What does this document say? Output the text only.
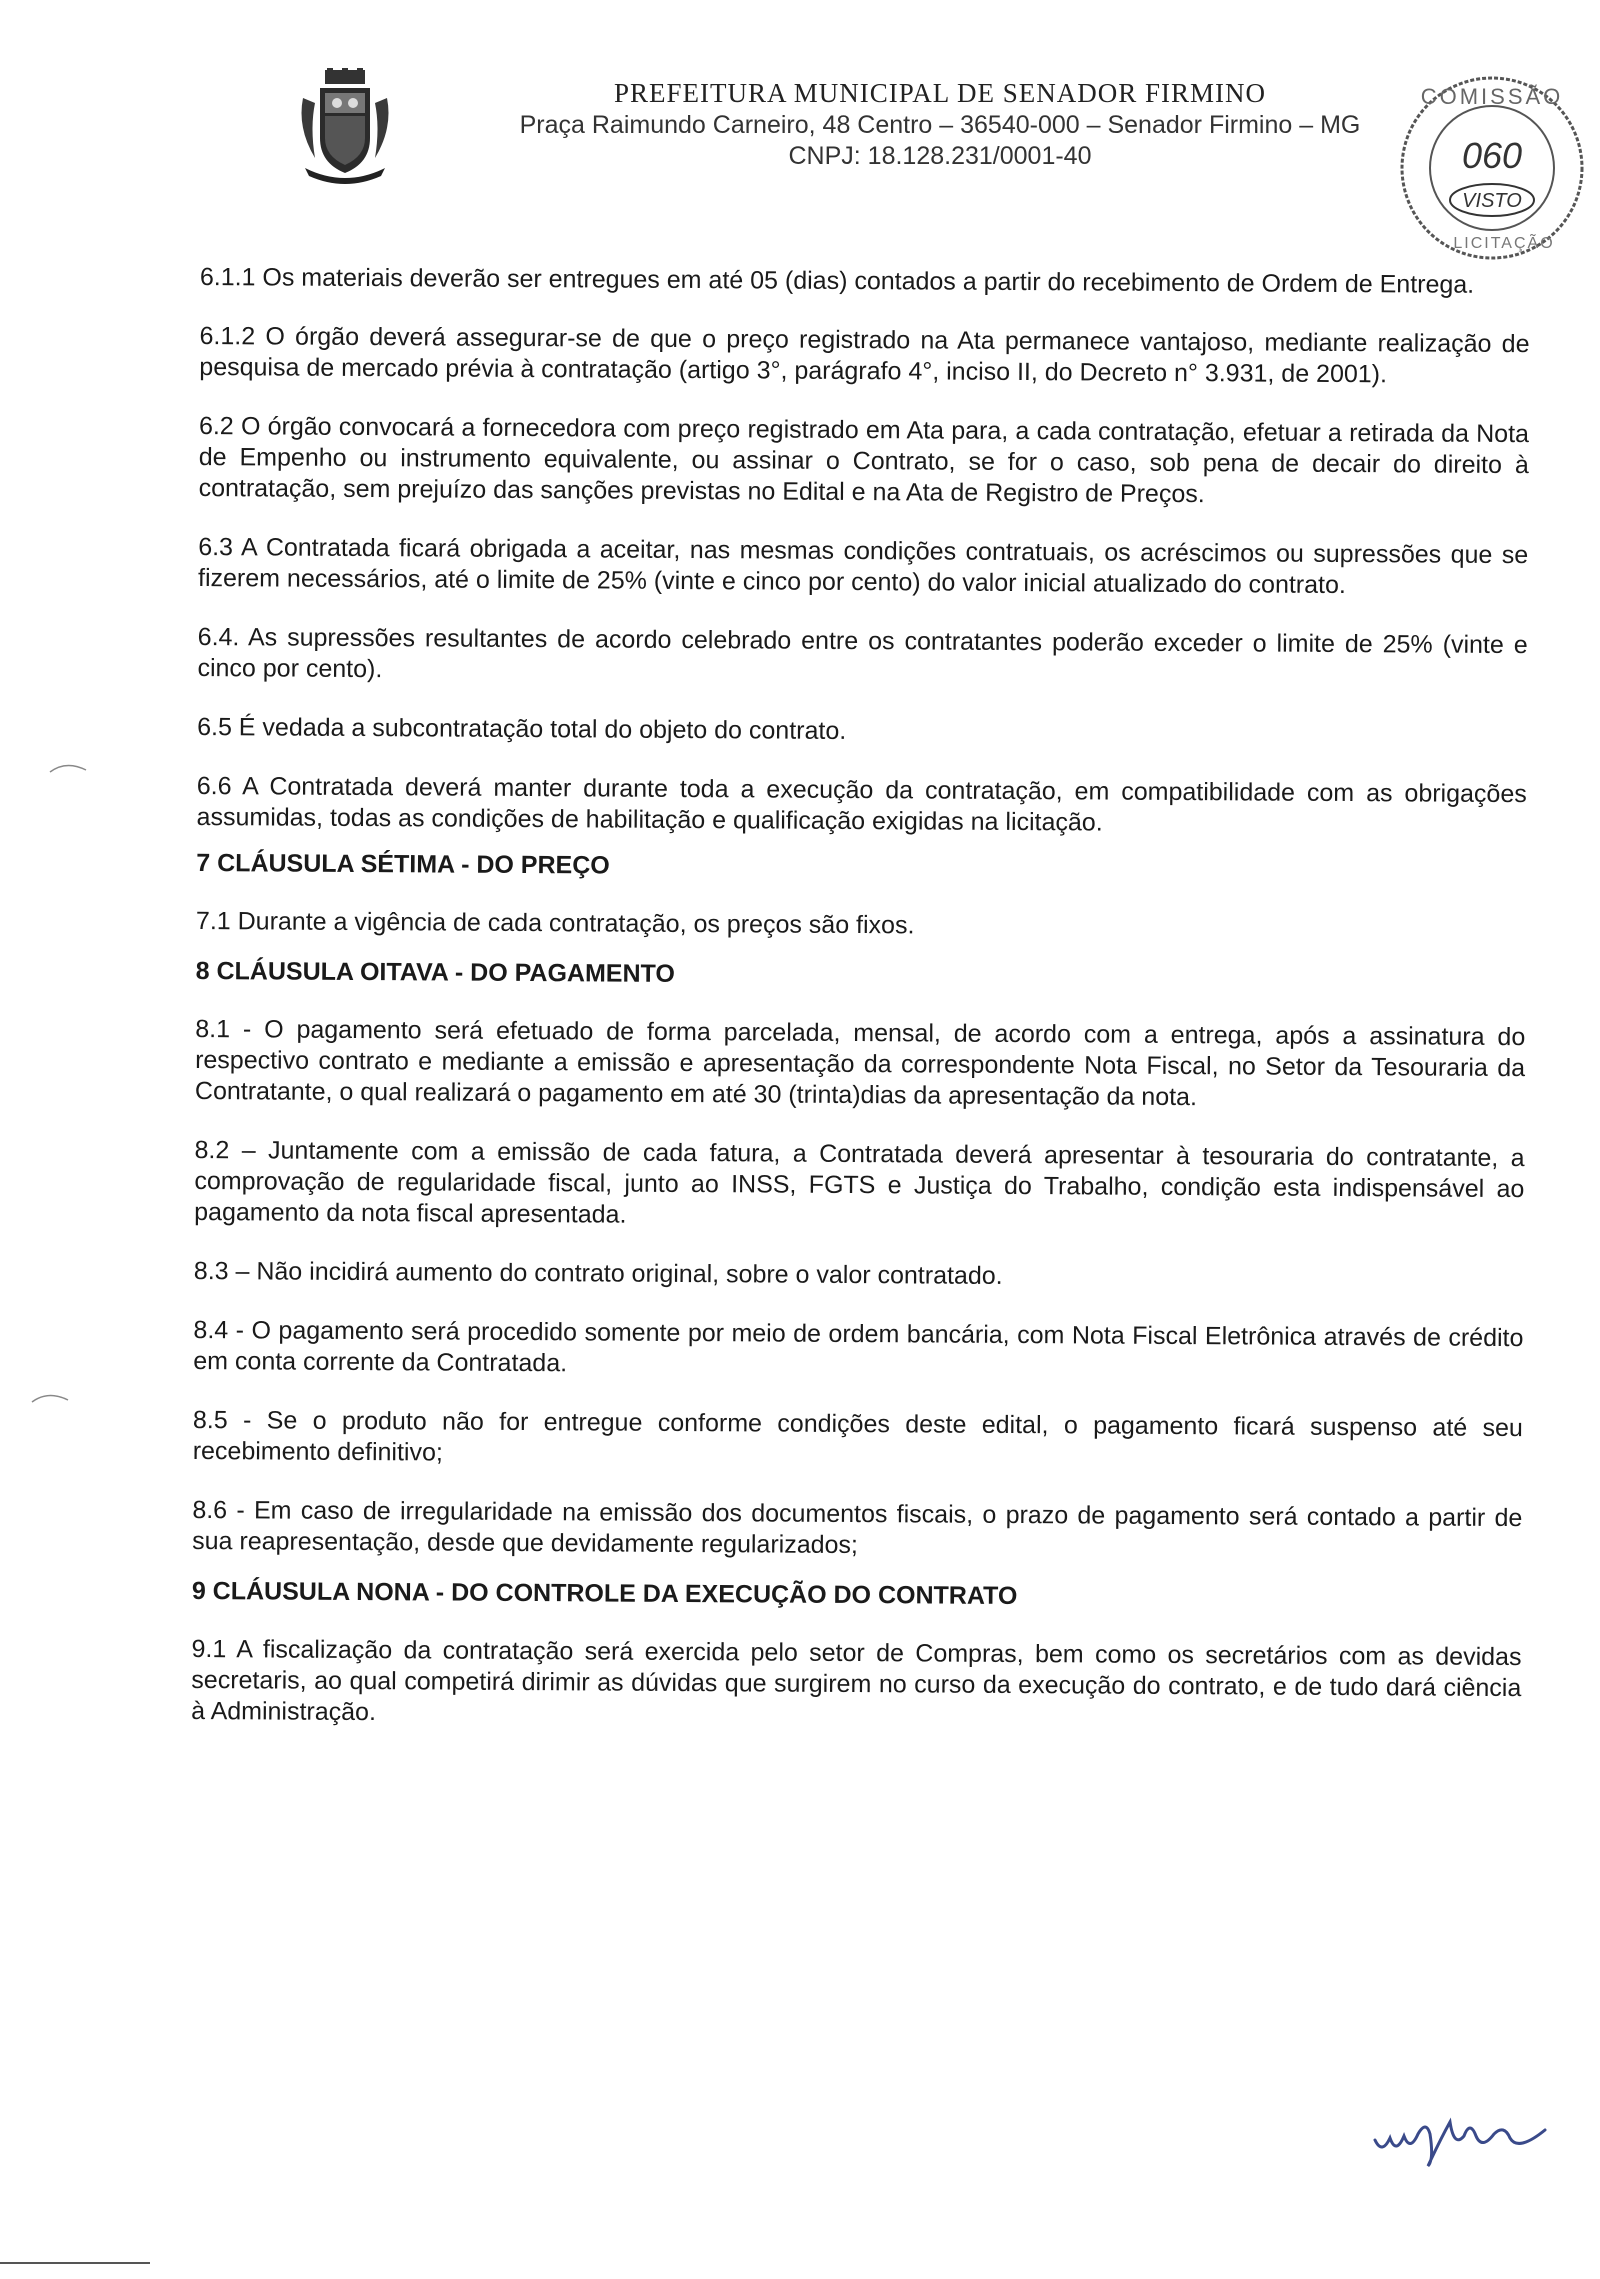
PREFEITURA MUNICIPAL DE SENADOR FIRMINO
Praça Raimundo Carneiro, 48 Centro – 36540-000 – Senador Firmino – MG
CNPJ: 18.128.231/0001-40
COMISSÃO
060
VISTO
LICITAÇÃO

6.1.1 Os materiais deverão ser entregues em até 05 (dias) contados a partir do recebimento de Ordem de Entrega.

6.1.2 O órgão deverá assegurar-se de que o preço registrado na Ata permanece vantajoso, mediante realização de pesquisa de mercado prévia à contratação (artigo 3°, parágrafo 4°, inciso II, do Decreto n° 3.931, de 2001).

6.2 O órgão convocará a fornecedora com preço registrado em Ata para, a cada contratação, efetuar a retirada da Nota de Empenho ou instrumento equivalente, ou assinar o Contrato, se for o caso, sob pena de decair do direito à contratação, sem prejuízo das sanções previstas no Edital e na Ata de Registro de Preços.

6.3 A Contratada ficará obrigada a aceitar, nas mesmas condições contratuais, os acréscimos ou supressões que se fizerem necessários, até o limite de 25% (vinte e cinco por cento) do valor inicial atualizado do contrato.

6.4. As supressões resultantes de acordo celebrado entre os contratantes poderão exceder o limite de 25% (vinte e cinco por cento).

6.5 É vedada a subcontratação total do objeto do contrato.

6.6 A Contratada deverá manter durante toda a execução da contratação, em compatibilidade com as obrigações assumidas, todas as condições de habilitação e qualificação exigidas na licitação.

7 CLÁUSULA SÉTIMA - DO PREÇO

7.1 Durante a vigência de cada contratação, os preços são fixos.

8 CLÁUSULA OITAVA - DO PAGAMENTO

8.1 - O pagamento será efetuado de forma parcelada, mensal, de acordo com a entrega, após a assinatura do respectivo contrato e mediante a emissão e apresentação da correspondente Nota Fiscal, no Setor da Tesouraria da Contratante, o qual realizará o pagamento em até 30 (trinta)dias da apresentação da nota.

8.2 – Juntamente com a emissão de cada fatura, a Contratada deverá apresentar à tesouraria do contratante, a comprovação de regularidade fiscal, junto ao INSS, FGTS e Justiça do Trabalho, condição esta indispensável ao pagamento da nota fiscal apresentada.

8.3 – Não incidirá aumento do contrato original, sobre o valor contratado.

8.4 - O pagamento será procedido somente por meio de ordem bancária, com Nota Fiscal Eletrônica através de crédito em conta corrente da Contratada.

8.5 - Se o produto não for entregue conforme condições deste edital, o pagamento ficará suspenso até seu recebimento definitivo;

8.6 - Em caso de irregularidade na emissão dos documentos fiscais, o prazo de pagamento será contado a partir de sua reapresentação, desde que devidamente regularizados;

9 CLÁUSULA NONA - DO CONTROLE DA EXECUÇÃO DO CONTRATO

9.1 A fiscalização da contratação será exercida pelo setor de Compras, bem como os secretários com as devidas secretaris, ao qual competirá dirimir as dúvidas que surgirem no curso da execução do contrato, e de tudo dará ciência à Administração.
